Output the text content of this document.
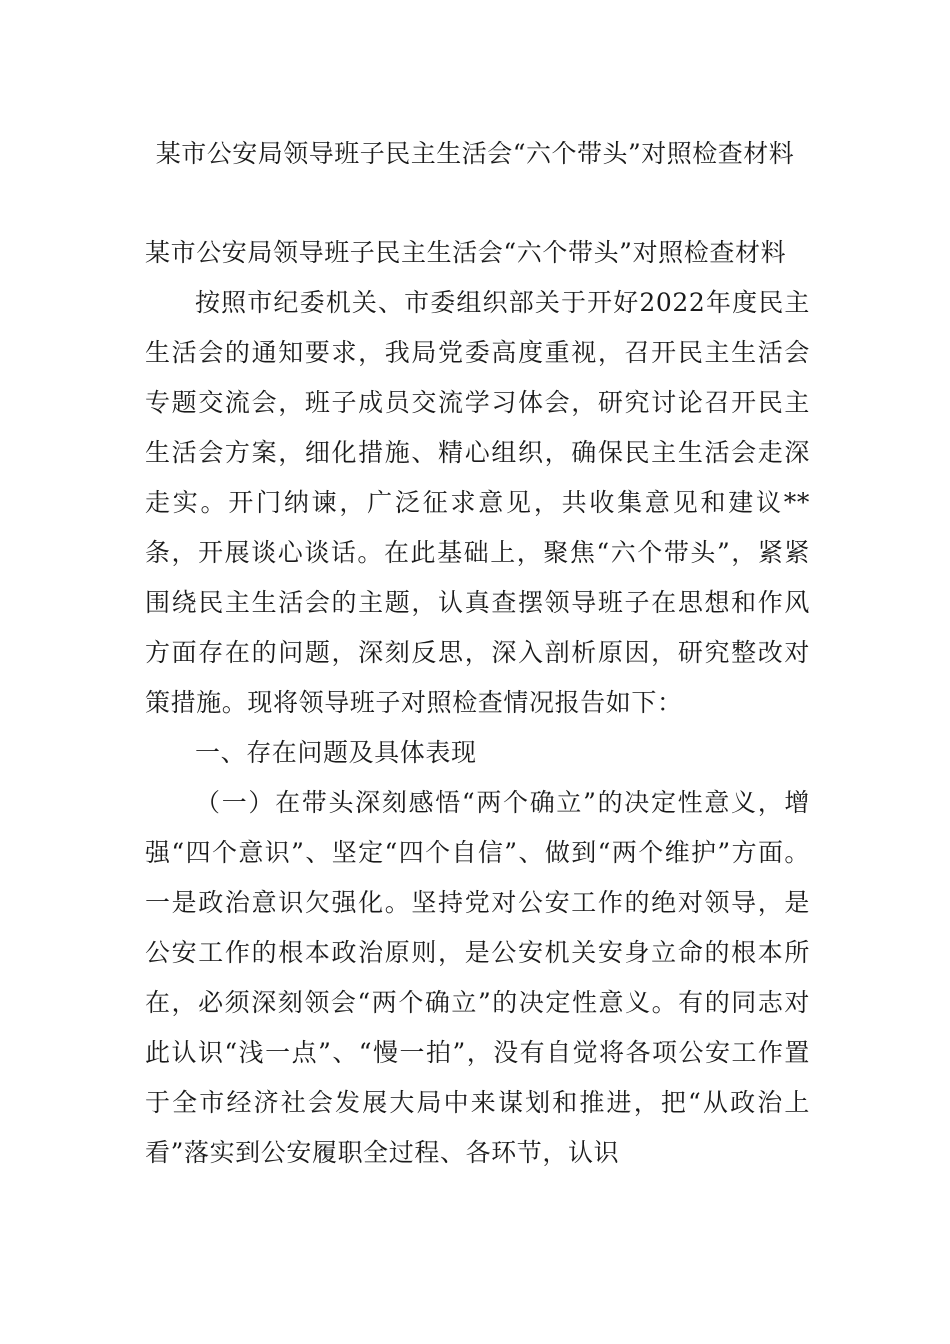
某市公安局领导班子民主生活会“六个带头”对照检查材料

某市公安局领导班子民主生活会“六个带头”对照检查材料

按照市纪委机关、市委组织部关于开好2022年度民主生活会的通知要求，我局党委高度重视，召开民主生活会专题交流会，班子成员交流学习体会，研究讨论召开民主生活会方案，细化措施、精心组织，确保民主生活会走深走实。开门纳谏，广泛征求意见，共收集意见和建议**条，开展谈心谈话。在此基础上，聚焦“六个带头”，紧紧围绕民主生活会的主题，认真查摆领导班子在思想和作风方面存在的问题，深刻反思，深入剖析原因，研究整改对策措施。现将领导班子对照检查情况报告如下：

一、存在问题及具体表现

（一）在带头深刻感悟“两个确立”的决定性意义，增强“四个意识”、坚定“四个自信”、做到“两个维护”方面。一是政治意识欠强化。坚持党对公安工作的绝对领导，是公安工作的根本政治原则，是公安机关安身立命的根本所在，必须深刻领会“两个确立”的决定性意义。有的同志对此认识“浅一点”、“慢一拍”，没有自觉将各项公安工作置于全市经济社会发展大局中来谋划和推进，把“从政治上看”落实到公安履职全过程、各环节，认识
